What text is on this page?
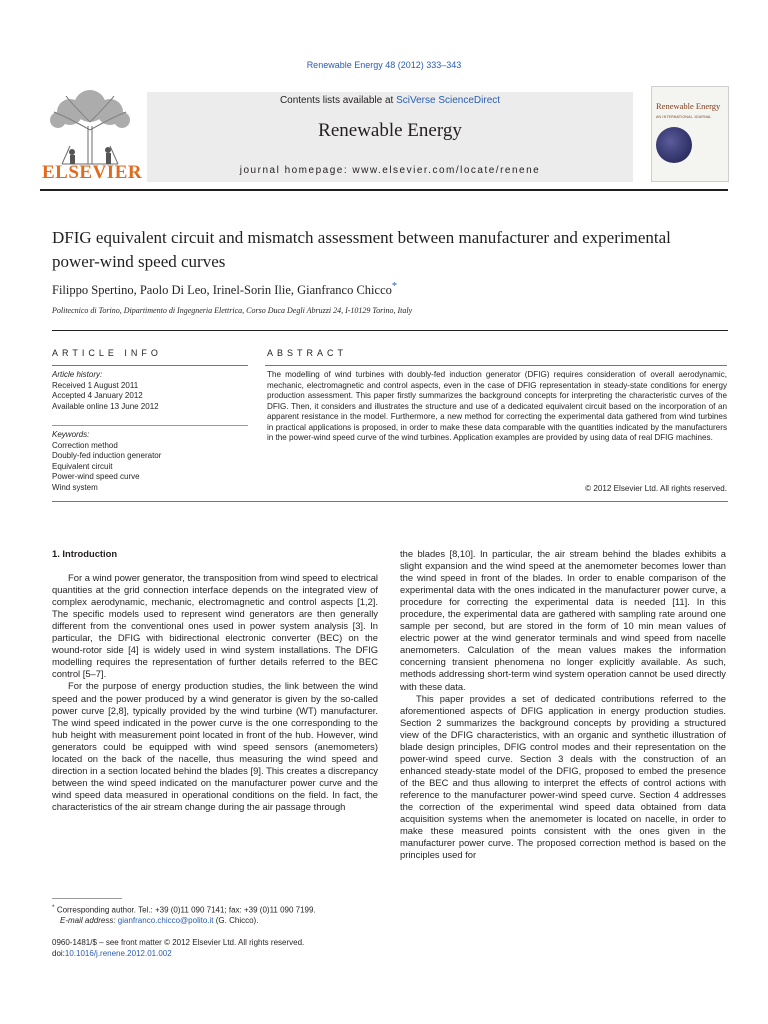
Renewable Energy 48 (2012) 333–343
ELSEVIER
Contents lists available at SciVerse ScienceDirect
Renewable Energy
journal homepage: www.elsevier.com/locate/renene
Renewable Energy
AN INTERNATIONAL JOURNAL
DFIG equivalent circuit and mismatch assessment between manufacturer and experimental power-wind speed curves
Filippo Spertino, Paolo Di Leo, Irinel-Sorin Ilie, Gianfranco Chicco*
Politecnico di Torino, Dipartimento di Ingegneria Elettrica, Corso Duca Degli Abruzzi 24, I-10129 Torino, Italy
ARTICLE INFO	ABSTRACT
Article history:
Received 1 August 2011
Accepted 4 January 2012
Available online 13 June 2012
Keywords:
Correction method
Doubly-fed induction generator
Equivalent circuit
Power-wind speed curve
Wind system
The modelling of wind turbines with doubly-fed induction generator (DFIG) requires consideration of overall aerodynamic, mechanic, electromagnetic and control aspects, even in the case of DFIG representation in steady-state conditions for energy production assessment. This paper firstly summarizes the background concepts for interpreting the characteristic curves of the DFIG. Then, it considers and illustrates the structure and use of a dedicated equivalent circuit based on the incorporation of an apparent resistance in the model. Furthermore, a new method for correcting the experimental data gathered from wind turbines in practical applications is proposed, in order to make these data comparable with the quantities indicated by the manufacturers in the power-wind speed curve of the wind turbines. Application examples are provided by using data of real DFIG machines.
© 2012 Elsevier Ltd. All rights reserved.
1. Introduction

For a wind power generator, the transposition from wind speed to electrical quantities at the grid connection interface depends on the integrated view of complex aerodynamic, mechanic, electromagnetic and control aspects [1,2]. The specific models used to represent wind generators are then generally different from the conventional ones used in power system analysis [3]. In particular, the DFIG with bidirectional electronic converter (BEC) on the wound-rotor side [4] is widely used in wind system installations. The DFIG modelling requires the representation of further details referred to the BEC control [5–7].

For the purpose of energy production studies, the link between the wind speed and the power produced by a wind generator is given by the so-called power curve [2,8], typically provided by the wind turbine (WT) manufacturer. The wind speed indicated in the power curve is the one corresponding to the hub height with measurement point located in front of the hub. However, wind generators could be equipped with wind speed sensors (anemometers) located on the back of the nacelle, thus measuring the wind speed and direction in a section located behind the blades [9]. This creates a discrepancy between the wind speed indicated on the manufacturer power curve and the wind speed data measured in operational conditions on the field. In fact, the characteristics of the air stream change during the air passage through

the blades [8,10]. In particular, the air stream behind the blades exhibits a slight expansion and the wind speed at the anemometer becomes lower than the wind speed in front of the blades. In order to enable comparison of the experimental data with the ones indicated in the manufacturer power curve, a procedure for correcting the experimental data is needed [11]. In this procedure, the experimental data are gathered with sampling rate around one sample per second, but are stored in the form of 10 min mean values of electric power at the wind generator terminals and wind speed from nacelle anemometers. Calculation of the mean values makes the information concerning transient phenomena no longer explicitly available. As such, methods addressing short-term wind system operation cannot be used directly with these data.

This paper provides a set of dedicated contributions referred to the aforementioned aspects of DFIG application in energy production studies. Section 2 summarizes the background concepts by providing a structured view of the DFIG characteristics, with an organic and synthetic illustration of blade design principles, DFIG control modes and their representation on the power-wind speed curve. Section 3 deals with the construction of an enhanced steady-state model of the DFIG, proposed to embed the presence of the BEC and thus allowing to interpret the effects of control actions with reference to the manufacturer power-wind speed curve. Section 4 addresses the correction of the experimental wind speed data obtained from data acquisition systems when the anemometer is located on nacelle, in order to make these measured points consistent with the ones given in the manufacturer power curve. The proposed correction method is based on the principles used for

* Corresponding author. Tel.: +39 (0)11 090 7141; fax: +39 (0)11 090 7199.
E-mail address: gianfranco.chicco@polito.it (G. Chicco).
0960-1481/$ – see front matter © 2012 Elsevier Ltd. All rights reserved.
doi:10.1016/j.renene.2012.01.002
